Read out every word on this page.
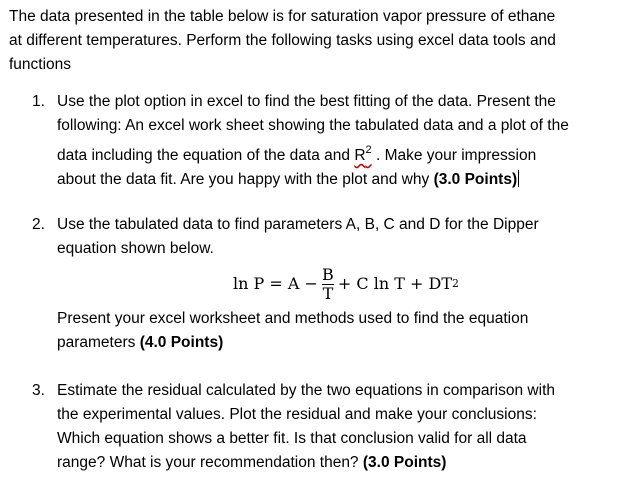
The data presented in the table below is for saturation vapor pressure of ethane
at different temperatures. Perform the following tasks using excel data tools and
functions
1. Use the plot option in excel to find the best fitting of the data. Present the
following: An excel work sheet showing the tabulated data and a plot of the
data including the equation of the data and $R^2$ . Make your impression
about the data fit. Are you happy with the plot and why (3.0 Points)
2. Use the tabulated data to find parameters A, B, C and D for the Dipper
equation shown below.
$\ln P = A - \frac{B}{T} + C$ ln T + DT 2
Present your excel worksheet and methods used to find the equation
parameters (4.0 Points)
3. Estimate the residual calculated by the two equations in comparison with
the experimental values. Plot the residual and make your conclusions:
Which equation shows a better fit. Is that conclusion valid for all data
range? What is your recommendation then? (3.0 Points)
